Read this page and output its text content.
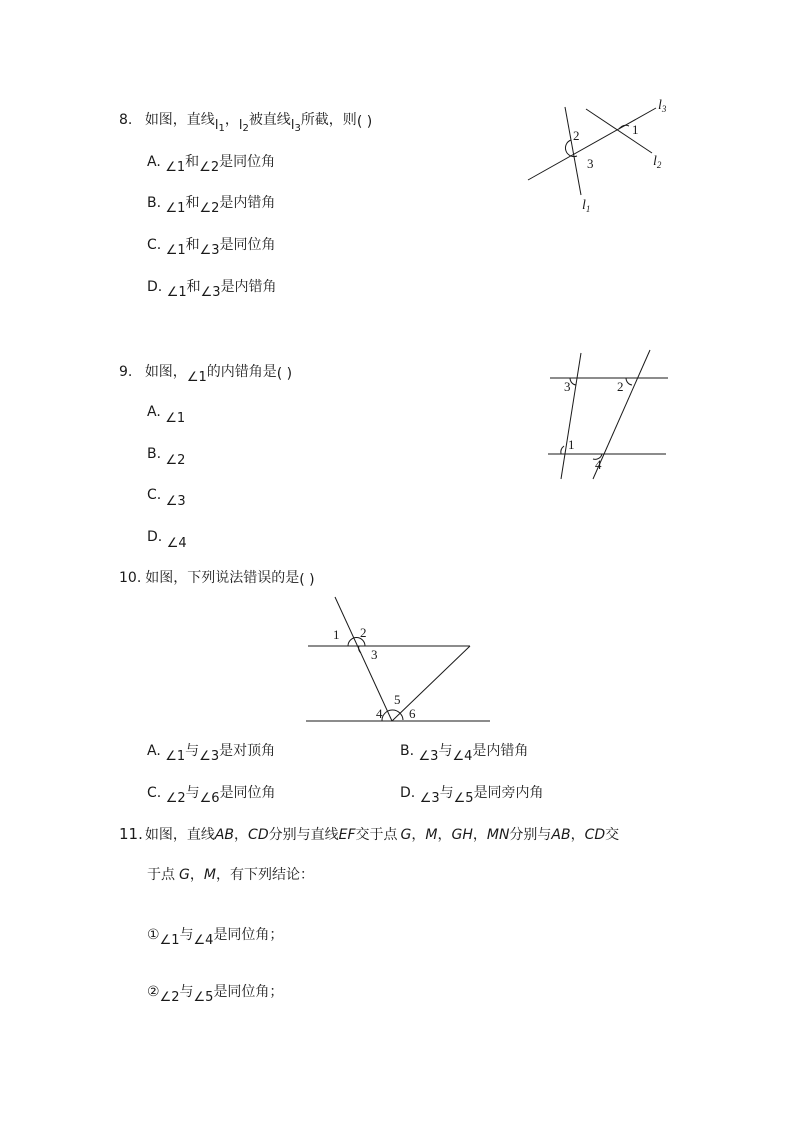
8. 如图，直线$l_1$，$l_2$被直线$l_3$所截，则( )
A. ∠1和∠2是同位角
B. ∠1和∠2是内错角
C. ∠1和∠3是同位角
D. ∠1和∠3是内错角
1
2
3
$l_3$
$l_2$
$l_1$
9. 如图，∠1的内错角是( )
A. ∠1
B. ∠2
C. ∠3
D. ∠4
3	2
1
4
10. 如图，下列说法错误的是( )
1 2
3
5
4 6
A. ∠1与∠3是对顶角	B. ∠3与∠4是内错角
C. ∠2与∠6是同位角	D. ∠3与∠5是同旁内角
11. 如图，直线AB，CD分别与直线EF交于点 G，M，GH，MN分别与AB，CD交
于点 G，M，有下列结论：
①∠1与∠4是同位角；
②∠2与∠5是同位角；
